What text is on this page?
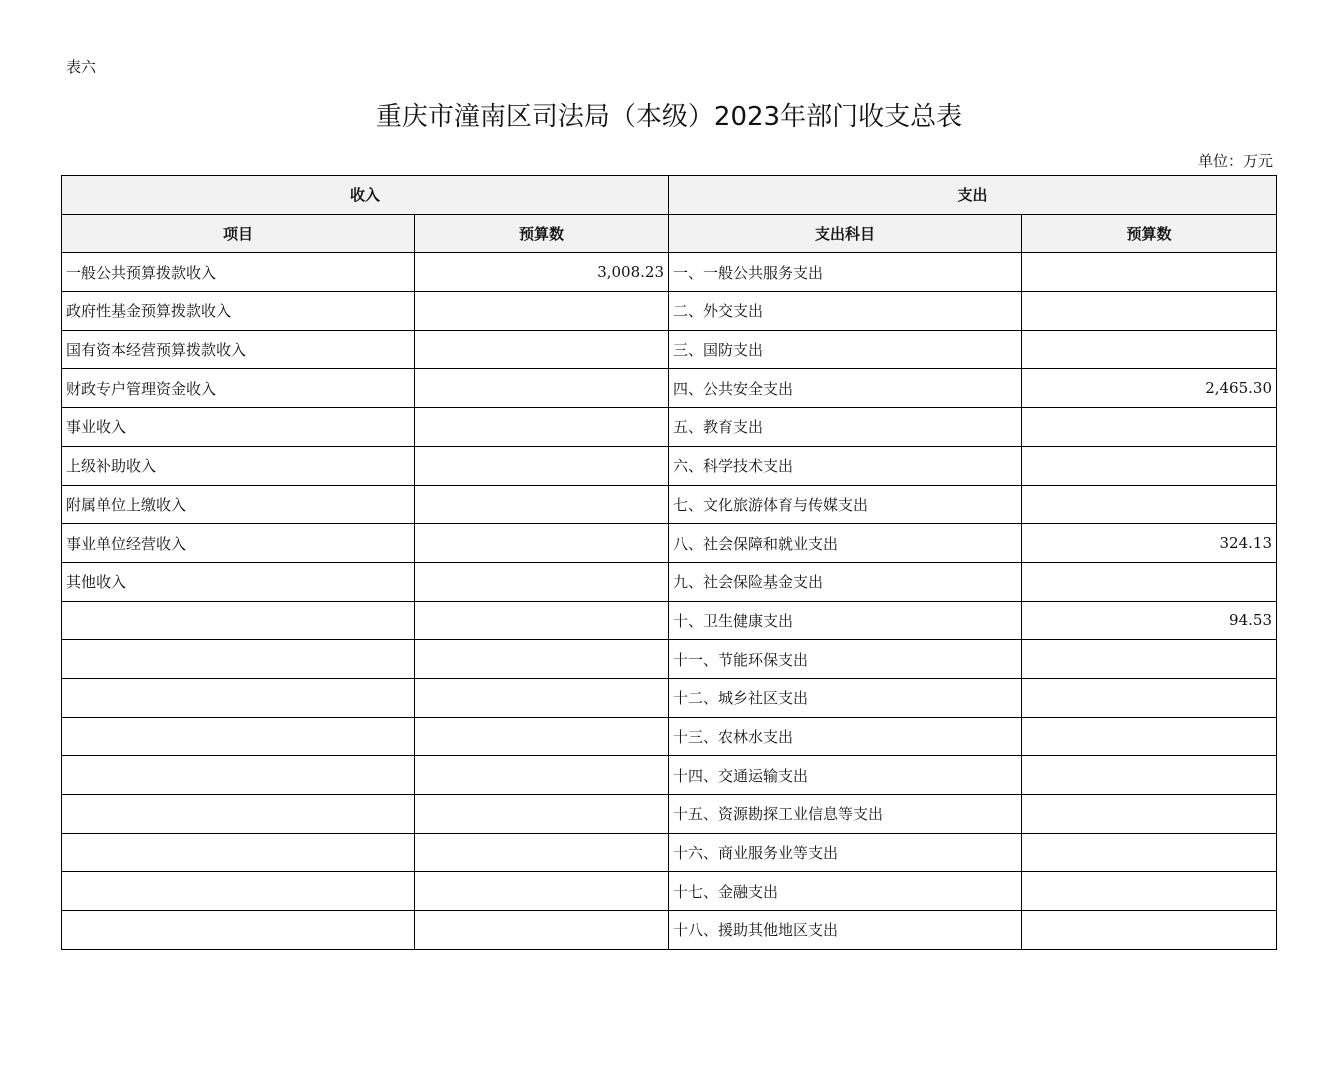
表六
重庆市潼南区司法局（本级）2023年部门收支总表
单位：万元
收入		支出	
项目	预算数	支出科目	预算数
一般公共预算拨款收入	3,008.23	一、一般公共服务支出	
政府性基金预算拨款收入		二、外交支出	
国有资本经营预算拨款收入		三、国防支出	
财政专户管理资金收入		四、公共安全支出	2,465.30
事业收入		五、教育支出	
上级补助收入		六、科学技术支出	
附属单位上缴收入		七、文化旅游体育与传媒支出	
事业单位经营收入		八、社会保障和就业支出	324.13
其他收入		九、社会保险基金支出	
		十、卫生健康支出	94.53
		十一、节能环保支出	
		十二、城乡社区支出	
		十三、农林水支出	
		十四、交通运输支出	
		十五、资源勘探工业信息等支出	
		十六、商业服务业等支出	
		十七、金融支出	
		十八、援助其他地区支出	
